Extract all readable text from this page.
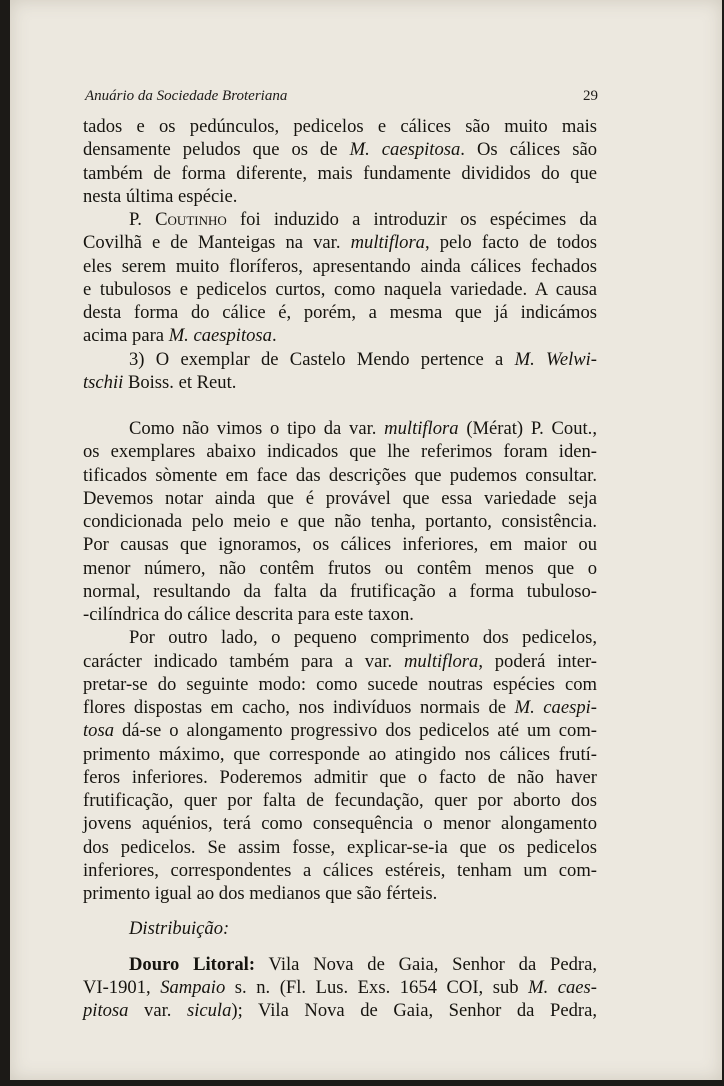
Anuário da Sociedade Broteriana	29
tados e os pedúnculos, pedicelos e cálices são muito mais
densamente peludos que os de M. caespitosa. Os cálices são
também de forma diferente, mais fundamente divididos do que
nesta última espécie.
P. Coutinho foi induzido a introduzir os espécimes da
Covilhã e de Manteigas na var. multiflora, pelo facto de todos
eles serem muito floríferos, apresentando ainda cálices fechados
e tubulosos e pedicelos curtos, como naquela variedade. A causa
desta forma do cálice é, porém, a mesma que já indicámos
acima para M. caespitosa.
3) O exemplar de Castelo Mendo pertence a M. Welwi-
tschii Boiss. et Reut.
Como não vimos o tipo da var. multiflora (Mérat) P. Cout.,
os exemplares abaixo indicados que lhe referimos foram iden-
tificados sòmente em face das descrições que pudemos consultar.
Devemos notar ainda que é provável que essa variedade seja
condicionada pelo meio e que não tenha, portanto, consistência.
Por causas que ignoramos, os cálices inferiores, em maior ou
menor número, não contêm frutos ou contêm menos que o
normal, resultando da falta da frutificação a forma tubuloso-
-cilíndrica do cálice descrita para este taxon.
Por outro lado, o pequeno comprimento dos pedicelos,
carácter indicado também para a var. multiflora, poderá inter-
pretar-se do seguinte modo: como sucede noutras espécies com
flores dispostas em cacho, nos indivíduos normais de M. caespi-
tosa dá-se o alongamento progressivo dos pedicelos até um com-
primento máximo, que corresponde ao atingido nos cálices frutí-
feros inferiores. Poderemos admitir que o facto de não haver
frutificação, quer por falta de fecundação, quer por aborto dos
jovens aquénios, terá como consequência o menor alongamento
dos pedicelos. Se assim fosse, explicar-se-ia que os pedicelos
inferiores, correspondentes a cálices estéreis, tenham um com-
primento igual ao dos medianos que são férteis.
Distribuição:
Douro Litoral: Vila Nova de Gaia, Senhor da Pedra,
VI-1901, Sampaio s. n. (Fl. Lus. Exs. 1654 COI, sub M. caes-
pitosa var. sicula); Vila Nova de Gaia, Senhor da Pedra,
